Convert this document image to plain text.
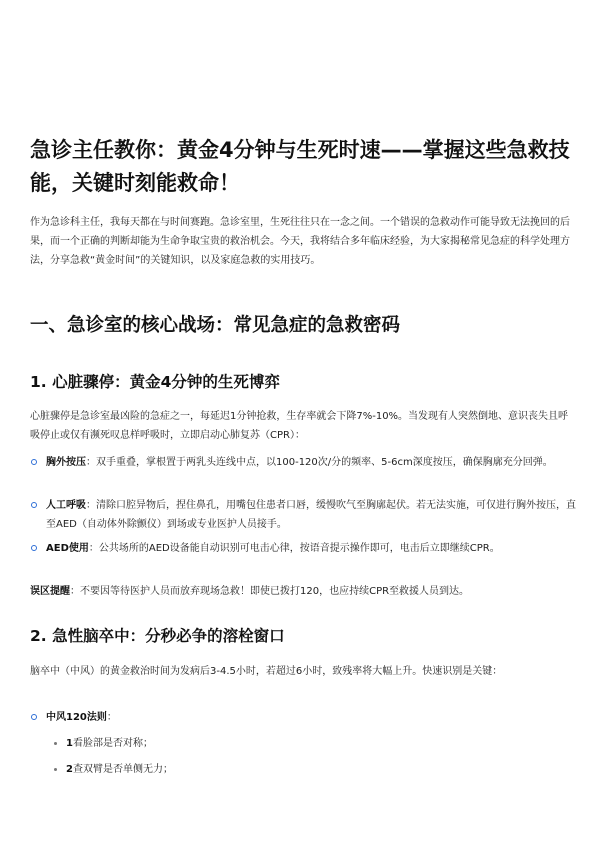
急诊主任教你：黄金4分钟与生死时速——掌握这些急救技能，关键时刻能救命！

作为急诊科主任，我每天都在与时间赛跑。急诊室里，生死往往只在一念之间。一个错误的急救动作可能导致无法挽回的后果，而一个正确的判断却能为生命争取宝贵的救治机会。今天，我将结合多年临床经验，为大家揭秘常见急症的科学处理方法，分享急救“黄金时间”的关键知识，以及家庭急救的实用技巧。

一、急诊室的核心战场：常见急症的急救密码
1. 心脏骤停：黄金4分钟的生死博弈

心脏骤停是急诊室最凶险的急症之一，每延迟1分钟抢救，生存率就会下降7%-10%。当发现有人突然倒地、意识丧失且呼吸停止或仅有濒死叹息样呼吸时，立即启动心肺复苏（CPR）：

胸外按压：双手重叠，掌根置于两乳头连线中点，以100-120次/分的频率、5-6cm深度按压，确保胸廓充分回弹。
人工呼吸：清除口腔异物后，捏住鼻孔，用嘴包住患者口唇，缓慢吹气至胸廓起伏。若无法实施，可仅进行胸外按压，直至AED（自动体外除颤仪）到场或专业医护人员接手。
AED使用：公共场所的AED设备能自动识别可电击心律，按语音提示操作即可，电击后立即继续CPR。

误区提醒：不要因等待医护人员而放弃现场急救！即使已拨打120，也应持续CPR至救援人员到达。

2. 急性脑卒中：分秒必争的溶栓窗口

脑卒中（中风）的黄金救治时间为发病后3-4.5小时，若超过6小时，致残率将大幅上升。快速识别是关键：

中风120法则：
1看脸部是否对称；
2查双臂是否单侧无力；
